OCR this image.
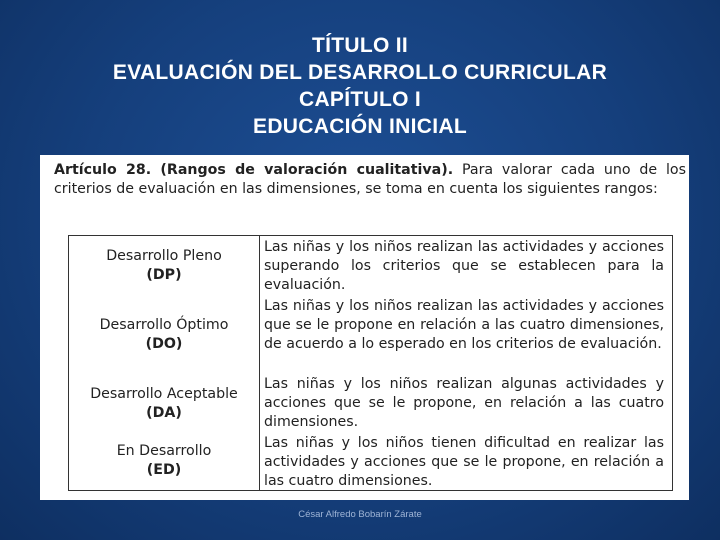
TÍTULO II
EVALUACIÓN DEL DESARROLLO CURRICULAR
CAPÍTULO I
EDUCACIÓN INICIAL
Artículo 28. (Rangos de valoración cualitativa). Para valorar cada uno de los criterios de evaluación en las dimensiones, se toma en cuenta los siguientes rangos:
Desarrollo Pleno
(DP)
Desarrollo Óptimo
(DO)
Desarrollo Aceptable
(DA)
En Desarrollo
(ED)
Las niñas y los niños realizan las actividades y acciones superando los criterios que se establecen para la evaluación.
Las niñas y los niños realizan las actividades y acciones que se le propone en relación a las cuatro dimensiones, de acuerdo a lo esperado en los criterios de evaluación.
Las niñas y los niños realizan algunas actividades y acciones que se le propone, en relación a las cuatro dimensiones.
Las niñas y los niños tienen dificultad en realizar las actividades y acciones que se le propone, en relación a las cuatro dimensiones.
César Alfredo Bobarín Zárate
